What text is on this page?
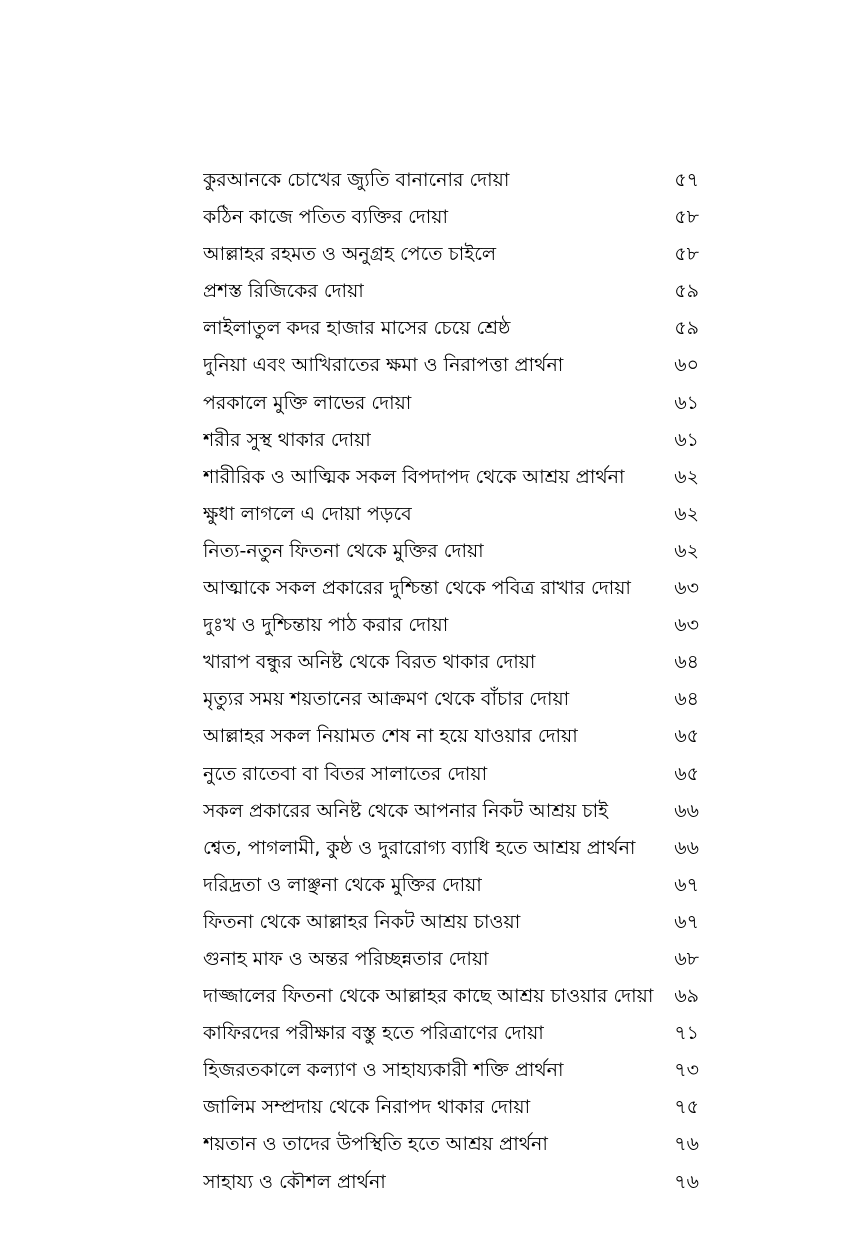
কুরআনকে চোখের জ্যুতি বানানোর দোয়া	৫৭
কঠিন কাজে পতিত ব্যক্তির দোয়া	৫৮
আল্লাহর রহমত ও অনুগ্রহ পেতে চাইলে	৫৮
প্রশস্ত রিজিকের দোয়া	৫৯
লাইলাতুল কদর হাজার মাসের চেয়ে শ্রেষ্ঠ	৫৯
দুনিয়া এবং আখিরাতের ক্ষমা ও নিরাপত্তা প্রার্থনা	৬০
পরকালে মুক্তি লাভের দোয়া	৬১
শরীর সুস্থ থাকার দোয়া	৬১
শারীরিক ও আত্মিক সকল বিপদাপদ থেকে আশ্রয় প্রার্থনা	৬২
ক্ষুধা লাগলে এ দোয়া পড়বে	৬২
নিত্য-নতুন ফিতনা থেকে মুক্তির দোয়া	৬২
আত্মাকে সকল প্রকারের দুশ্চিন্তা থেকে পবিত্র রাখার দোয়া	৬৩
দুঃখ ও দুশ্চিন্তায় পাঠ করার দোয়া	৬৩
খারাপ বন্ধুর অনিষ্ট থেকে বিরত থাকার দোয়া	৬৪
মৃত্যুর সময় শয়তানের আক্রমণ থেকে বাঁচার দোয়া	৬৪
আল্লাহর সকল নিয়ামত শেষ না হয়ে যাওয়ার দোয়া	৬৫
নুতে রাতেবা বা বিতর সালাতের দোয়া	৬৫
সকল প্রকারের অনিষ্ট থেকে আপনার নিকট আশ্রয় চাই	৬৬
শ্বেত, পাগলামী, কুষ্ঠ ও দুরারোগ্য ব্যাধি হতে আশ্রয় প্রার্থনা	৬৬
দরিদ্রতা ও লাঞ্ছনা থেকে মুক্তির দোয়া	৬৭
ফিতনা থেকে আল্লাহর নিকট আশ্রয় চাওয়া	৬৭
গুনাহ মাফ ও অন্তর পরিচ্ছন্নতার দোয়া	৬৮
দাজ্জালের ফিতনা থেকে আল্লাহর কাছে আশ্রয় চাওয়ার দোয়া	৬৯
কাফিরদের পরীক্ষার বস্তু হতে পরিত্রাণের দোয়া	৭১
হিজরতকালে কল্যাণ ও সাহায্যকারী শক্তি প্রার্থনা	৭৩
জালিম সম্প্রদায় থেকে নিরাপদ থাকার দোয়া	৭৫
শয়তান ও তাদের উপস্থিতি হতে আশ্রয় প্রার্থনা	৭৬
সাহায্য ও কৌশল প্রার্থনা	৭৬
